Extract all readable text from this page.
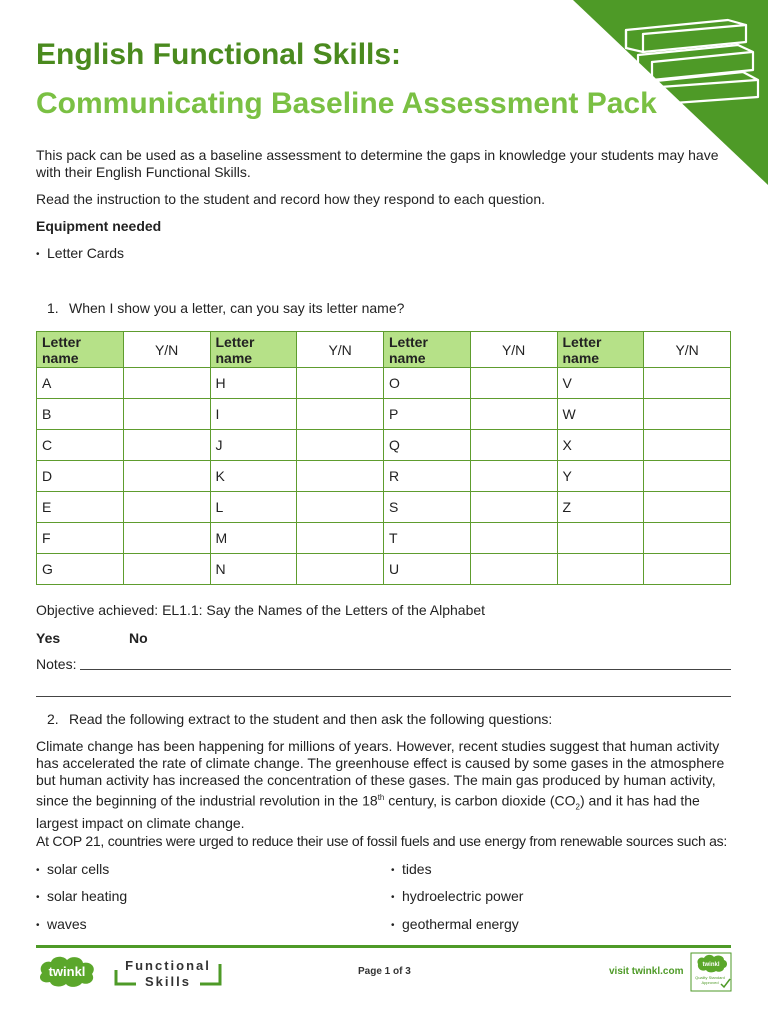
English Functional Skills:
Communicating Baseline Assessment Pack

This pack can be used as a baseline assessment to determine the gaps in knowledge your students may have

with their English Functional Skills.

Read the instruction to the student and record how they respond to each question.

Equipment needed

• Letter Cards

1. When I show you a letter, can you say its letter name?

Letter name	Y/N	Letter name	Y/N	Letter name	Y/N	Letter name	Y/N
A		H		O		V	
B		I		P		W	
C		J		Q		X	
D		K		R		Y	
E		L		S		Z	
F		M		T			
G		N		U			

Objective achieved: EL1.1: Say the Names of the Letters of the Alphabet

Yes	No

Notes:

2. Read the following extract to the student and then ask the following questions:

Climate change has been happening for millions of years. However, recent studies suggest that human activity
has accelerated the rate of climate change. The greenhouse effect is caused by some gases in the atmosphere
but human activity has increased the concentration of these gases. The main gas produced by human activity,
since the beginning of the industrial revolution in the 18th century, is carbon dioxide $(CO_2)$ and it has had the
largest impact on climate change.

At COP 21, countries were urged to reduce their use of fossil fuels and use energy from renewable sources such as:

• solar cells
• solar heating
• waves
• tides
• hydroelectric power
• geothermal energy
twinkl	Functional
Skills
Page 1 of 3	visit twinkl.com
twinkl
Quality Standard
Approved
